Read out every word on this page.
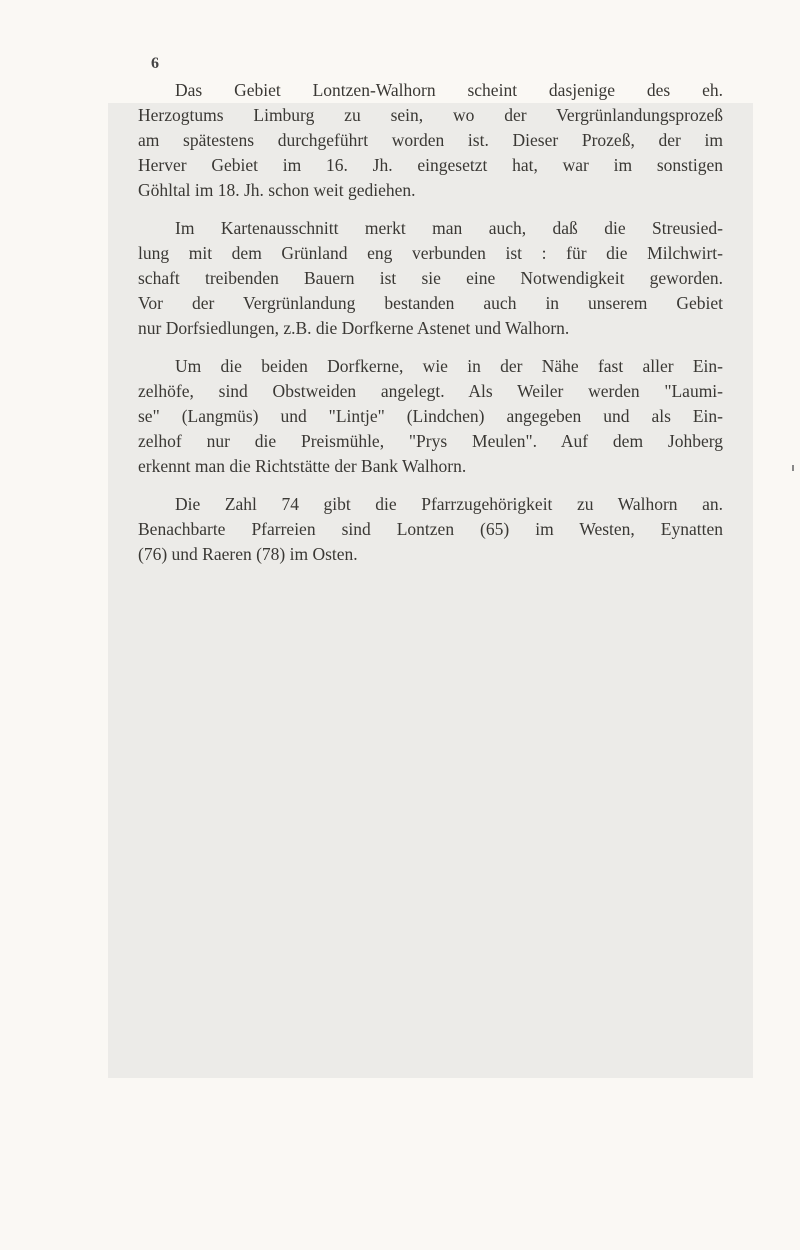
6
Das Gebiet Lontzen-Walhorn scheint dasjenige des eh.
Herzogtums Limburg zu sein, wo der Vergrünlandungsprozeß
am spätestens durchgeführt worden ist. Dieser Prozeß, der im
Herver Gebiet im 16. Jh. eingesetzt hat, war im sonstigen
Göhltal im 18. Jh. schon weit gediehen.
Im Kartenausschnitt merkt man auch, daß die Streusied-
lung mit dem Grünland eng verbunden ist : für die Milchwirt-
schaft treibenden Bauern ist sie eine Notwendigkeit geworden.
Vor der Vergrünlandung bestanden auch in unserem Gebiet
nur Dorfsiedlungen, z.B. die Dorfkerne Astenet und Walhorn.
Um die beiden Dorfkerne, wie in der Nähe fast aller Ein-
zelhöfe, sind Obstweiden angelegt. Als Weiler werden "Laumi-
se" (Langmüs) und "Lintje" (Lindchen) angegeben und als Ein-
zelhof nur die Preismühle, "Prys Meulen". Auf dem Johberg
erkennt man die Richtstätte der Bank Walhorn.
Die Zahl 74 gibt die Pfarrzugehörigkeit zu Walhorn an.
Benachbarte Pfarreien sind Lontzen (65) im Westen, Eynatten
(76) und Raeren (78) im Osten.
